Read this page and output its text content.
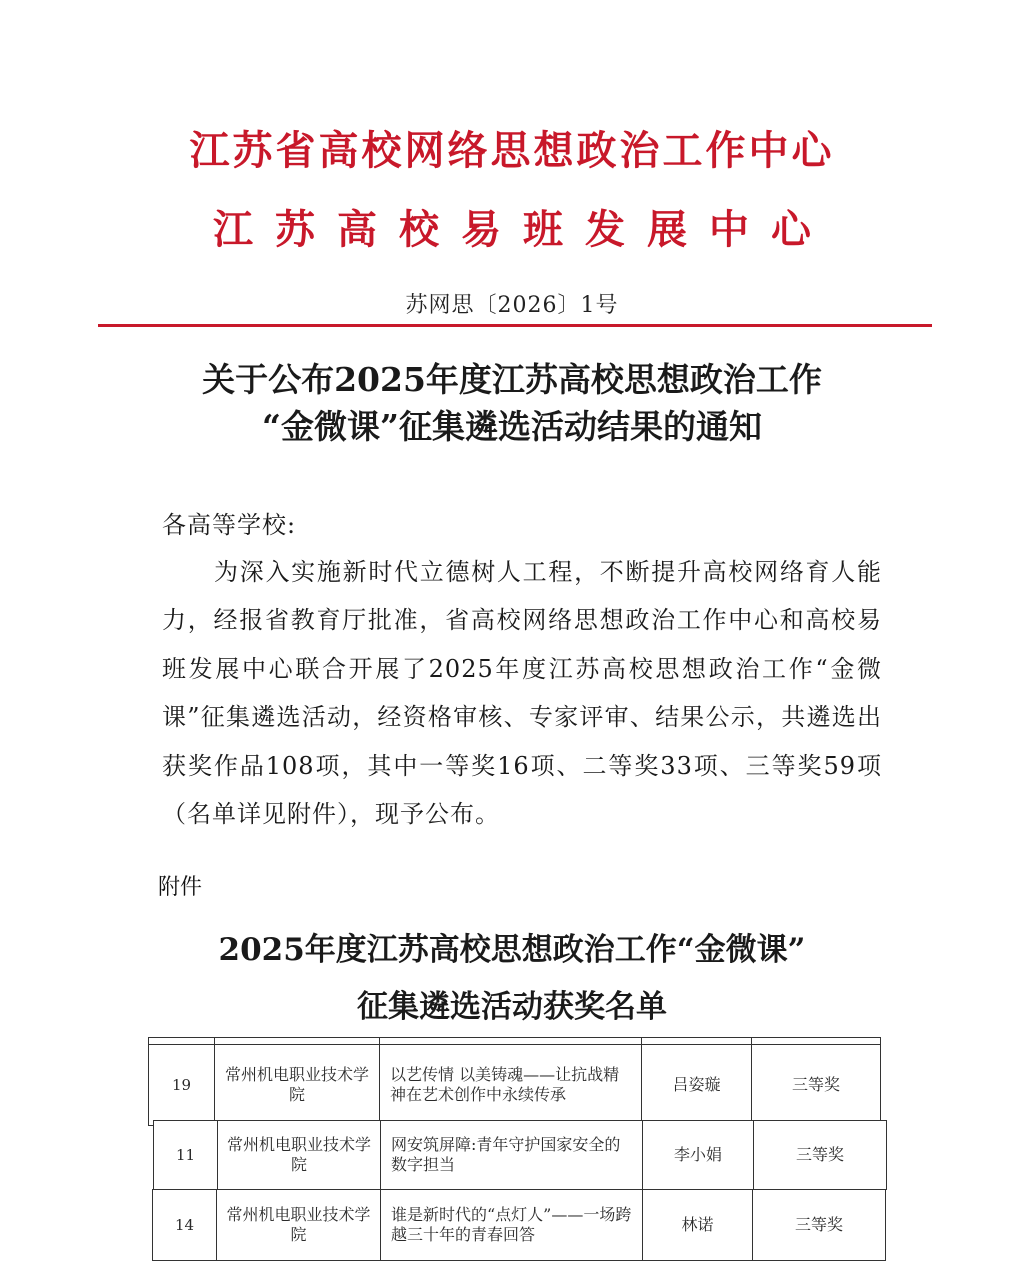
江苏省高校网络思想政治工作中心
江苏高校易班发展中心
苏网思〔2026〕1号
关于公布2025年度江苏高校思想政治工作
“金微课”征集遴选活动结果的通知
各高等学校:
为深入实施新时代立德树人工程，不断提升高校网络育人能力，经报省教育厅批准，省高校网络思想政治工作中心和高校易班发展中心联合开展了2025年度江苏高校思想政治工作“金微课”征集遴选活动，经资格审核、专家评审、结果公示，共遴选出获奖作品108项，其中一等奖16项、二等奖33项、三等奖59项（名单详见附件），现予公布。
附件
2025年度江苏高校思想政治工作“金微课”
征集遴选活动获奖名单

19	常州机电职业技术学院	以艺传情 以美铸魂——让抗战精神在艺术创作中永续传承	吕姿璇	三等奖
11	常州机电职业技术学院	网安筑屏障:青年守护国家安全的数字担当	李小娟	三等奖
14	常州机电职业技术学院	谁是新时代的“点灯人”——一场跨越三十年的青春回答	林诺	三等奖
